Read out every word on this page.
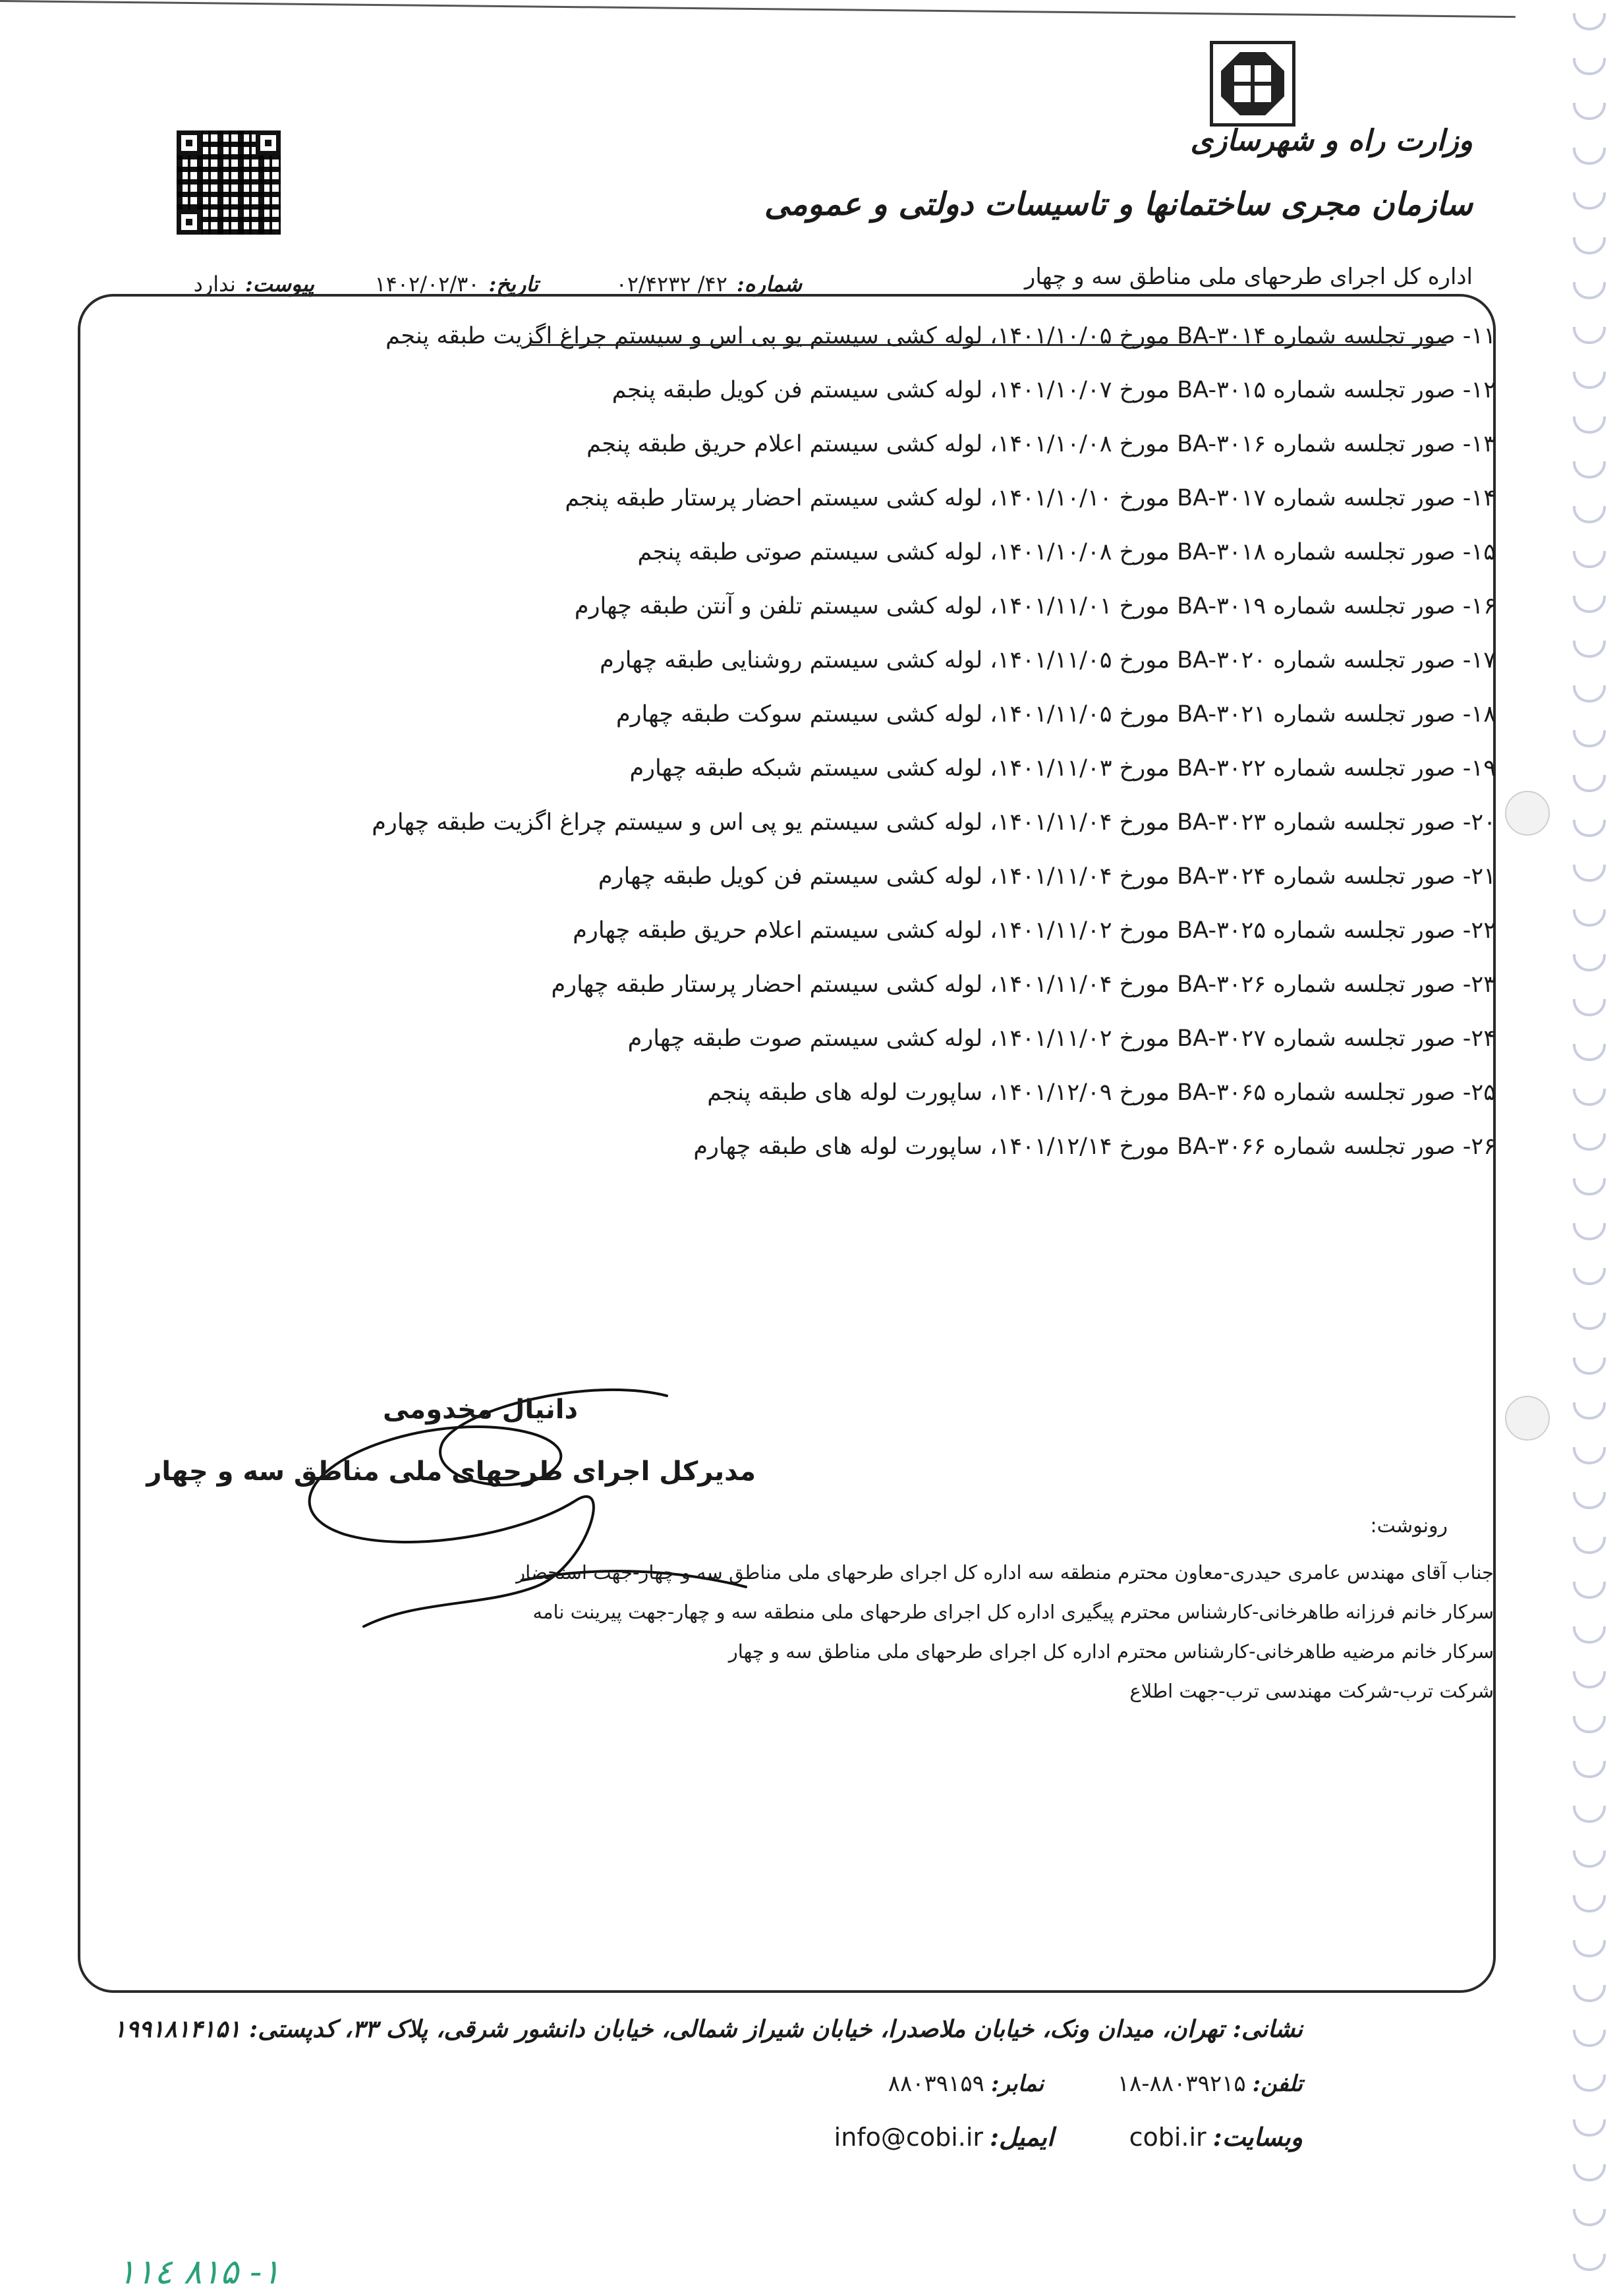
وزارت راه و شهرسازی
سازمان مجری ساختمانها و تاسیسات دولتی و عمومی
اداره کل اجرای طرحهای ملی مناطق سه و چهار
شماره:۴۲/ ۰۲/۴۲۳۲
تاریخ:۱۴۰۲/۰۲/۳۰
پیوست:ندارد
۱۱- صور تجلسه شماره BA-۳۰۱۴ مورخ ۱۴۰۱/۱۰/۰۵، لوله کشی سیستم یو پی اس و سیستم چراغ اگزیت طبقه پنجم
۱۲- صور تجلسه شماره BA-۳۰۱۵ مورخ ۱۴۰۱/۱۰/۰۷، لوله کشی سیستم فن کویل طبقه پنجم
۱۳- صور تجلسه شماره BA-۳۰۱۶ مورخ ۱۴۰۱/۱۰/۰۸، لوله کشی سیستم اعلام حریق طبقه پنجم
۱۴- صور تجلسه شماره BA-۳۰۱۷ مورخ ۱۴۰۱/۱۰/۱۰، لوله کشی سیستم احضار پرستار طبقه پنجم
۱۵- صور تجلسه شماره BA-۳۰۱۸ مورخ ۱۴۰۱/۱۰/۰۸، لوله کشی سیستم صوتی طبقه پنجم
۱۶- صور تجلسه شماره BA-۳۰۱۹ مورخ ۱۴۰۱/۱۱/۰۱، لوله کشی سیستم تلفن و آنتن طبقه چهارم
۱۷- صور تجلسه شماره BA-۳۰۲۰ مورخ ۱۴۰۱/۱۱/۰۵، لوله کشی سیستم روشنایی طبقه چهارم
۱۸- صور تجلسه شماره BA-۳۰۲۱ مورخ ۱۴۰۱/۱۱/۰۵، لوله کشی سیستم سوکت طبقه چهارم
۱۹- صور تجلسه شماره BA-۳۰۲۲ مورخ ۱۴۰۱/۱۱/۰۳، لوله کشی سیستم شبکه طبقه چهارم
۲۰- صور تجلسه شماره BA-۳۰۲۳ مورخ ۱۴۰۱/۱۱/۰۴، لوله کشی سیستم یو پی اس و سیستم چراغ اگزیت طبقه چهارم
۲۱- صور تجلسه شماره BA-۳۰۲۴ مورخ ۱۴۰۱/۱۱/۰۴، لوله کشی سیستم فن کویل طبقه چهارم
۲۲- صور تجلسه شماره BA-۳۰۲۵ مورخ ۱۴۰۱/۱۱/۰۲، لوله کشی سیستم اعلام حریق طبقه چهارم
۲۳- صور تجلسه شماره BA-۳۰۲۶ مورخ ۱۴۰۱/۱۱/۰۴، لوله کشی سیستم احضار پرستار طبقه چهارم
۲۴- صور تجلسه شماره BA-۳۰۲۷ مورخ ۱۴۰۱/۱۱/۰۲، لوله کشی سیستم صوت طبقه چهارم
۲۵- صور تجلسه شماره BA-۳۰۶۵ مورخ ۱۴۰۱/۱۲/۰۹، ساپورت لوله های طبقه پنجم
۲۶- صور تجلسه شماره BA-۳۰۶۶ مورخ ۱۴۰۱/۱۲/۱۴، ساپورت لوله های طبقه چهارم
دانیال مخدومی
مدیرکل اجرای طرحهای ملی مناطق سه و چهار
رونوشت:
جناب آقای مهندس عامری حیدری-معاون محترم منطقه سه اداره کل اجرای طرحهای ملی مناطق سه و چهار-جهت استحضار
سرکار خانم فرزانه طاهرخانی-کارشناس محترم پیگیری اداره کل اجرای طرحهای ملی منطقه سه و چهار-جهت پیرینت نامه
سرکار خانم مرضیه طاهرخانی-کارشناس محترم اداره کل اجرای طرحهای ملی مناطق سه و چهار
شرکت ترب-شرکت مهندسی ترب-جهت اطلاع
نشانی: تهران، میدان ونک، خیابان ملاصدرا، خیابان شیراز شمالی، خیابان دانشور شرقی، پلاک ۳۳، کدپستی: ۱۹۹۱۸۱۴۱۵۱
تلفن:۸۸۰۳۹۲۱۵-۱۸  نمابر:۸۸۰۳۹۱۵۹
وبسایت:cobi.ir  ایمیل:info@cobi.ir
۱۱٤ ۸۱۵ -۱
